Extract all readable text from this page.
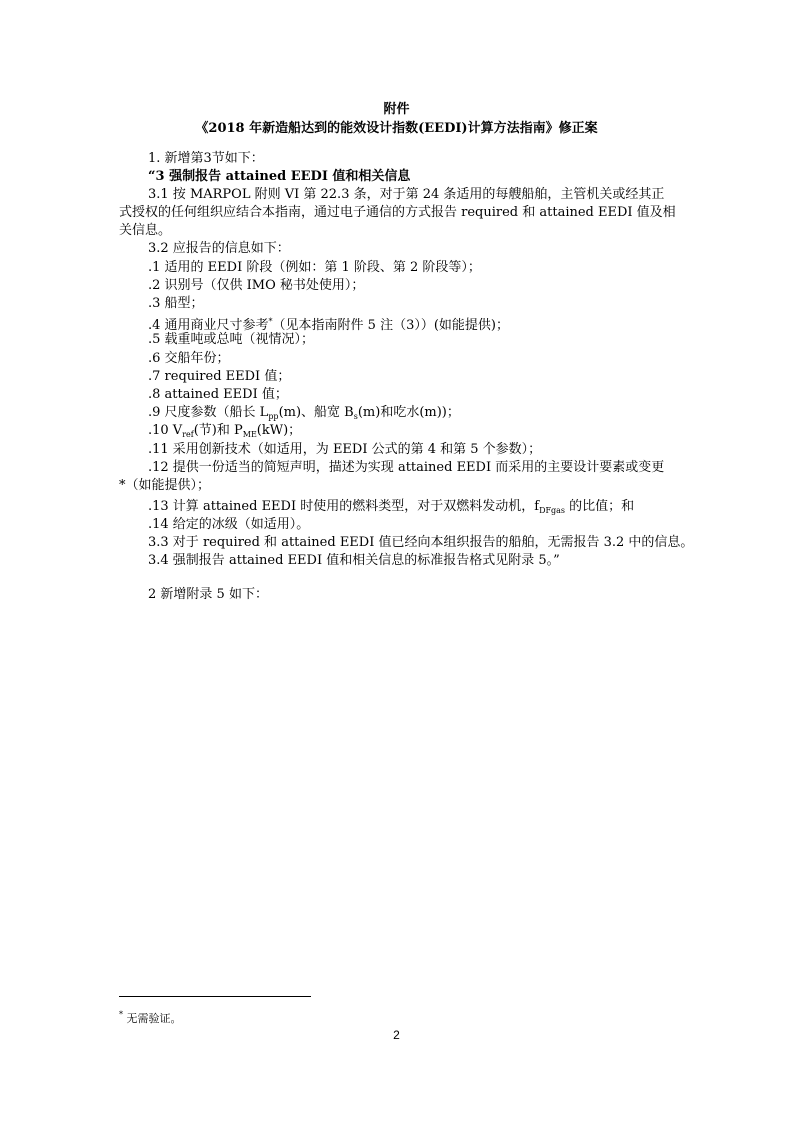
附件
《2018 年新造船达到的能效设计指数(EEDI)计算方法指南》修正案
1. 新增第3节如下：
“3 强制报告 attained EEDI 值和相关信息
3.1 按 MARPOL 附则 VI 第 22.3 条，对于第 24 条适用的每艘船舶，主管机关或经其正
式授权的任何组织应结合本指南，通过电子通信的方式报告 required 和 attained EEDI 值及相
关信息。
3.2 应报告的信息如下：
.1 适用的 EEDI 阶段（例如：第 1 阶段、第 2 阶段等）；
.2 识别号（仅供 IMO 秘书处使用）；
.3 船型；
.4 通用商业尺寸参考*（见本指南附件 5 注（3））(如能提供)；
.5 载重吨或总吨（视情况）；
.6 交船年份；
.7 required EEDI 值；
.8 attained EEDI 值；
.9 尺度参数（船长 $L_{pp}(m)$、船宽 $B_s(m)$和吃水(m))；
.10 $V_{ref}$(节)和 $P_{ME}(kW)$；
.11 采用创新技术（如适用，为 EEDI 公式的第 4 和第 5 个参数）；
.12 提供一份适当的简短声明，描述为实现 attained EEDI 而采用的主要设计要素或变更
*（如能提供）；
.13 计算 attained EEDI 时使用的燃料类型，对于双燃料发动机，$f_{DFgas}$ 的比值；和
.14 给定的冰级（如适用）。
3.3 对于 required 和 attained EEDI 值已经向本组织报告的船舶，无需报告 3.2 中的信息。
3.4 强制报告 attained EEDI 值和相关信息的标准报告格式见附录 5。”
2 新增附录 5 如下：
* 无需验证。
2
